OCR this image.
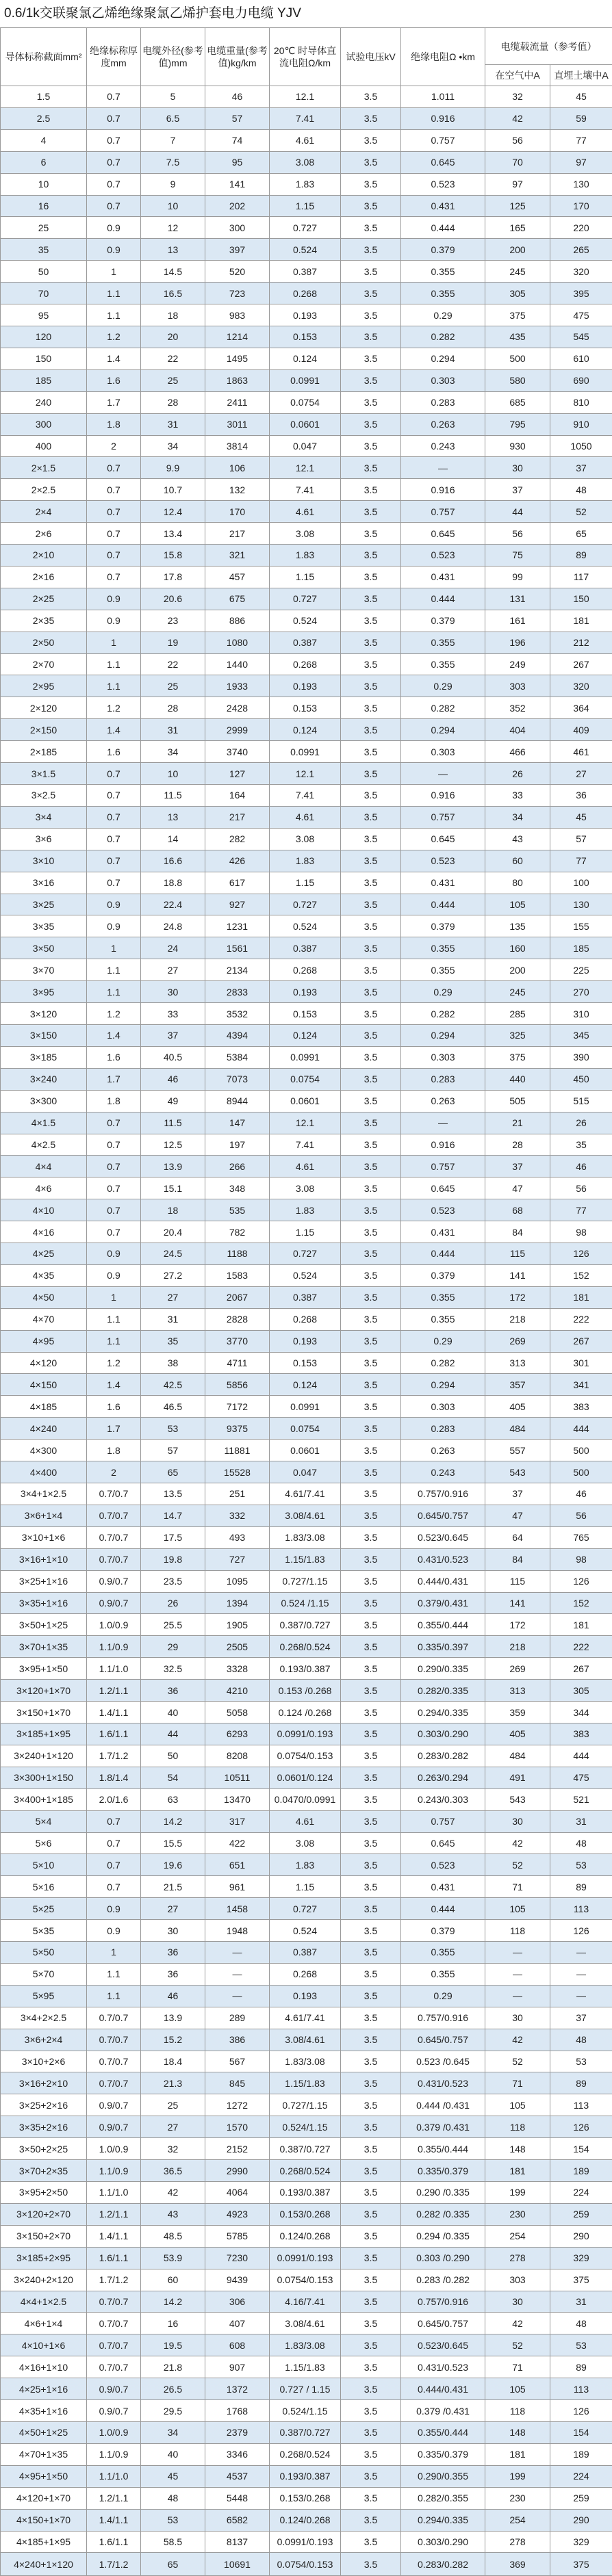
0.6/1k交联聚氯乙烯绝缘聚氯乙烯护套电力电缆 YJV
导体标称截面mm²	绝缘标称厚度mm	电缆外径(参考值)mm	电缆重量(参考值)kg/km	20℃ 时导体直流电阻Ω/km	试验电压kV	绝缘电阻Ω •km	电缆载流量（参考值）	
							在空气中A	直埋土壤中A
1.5	0.7	5	46	12.1	3.5	1.011	32	45
2.5	0.7	6.5	57	7.41	3.5	0.916	42	59
4	0.7	7	74	4.61	3.5	0.757	56	77
6	0.7	7.5	95	3.08	3.5	0.645	70	97
10	0.7	9	141	1.83	3.5	0.523	97	130
16	0.7	10	202	1.15	3.5	0.431	125	170
25	0.9	12	300	0.727	3.5	0.444	165	220
35	0.9	13	397	0.524	3.5	0.379	200	265
50	1	14.5	520	0.387	3.5	0.355	245	320
70	1.1	16.5	723	0.268	3.5	0.355	305	395
95	1.1	18	983	0.193	3.5	0.29	375	475
120	1.2	20	1214	0.153	3.5	0.282	435	545
150	1.4	22	1495	0.124	3.5	0.294	500	610
185	1.6	25	1863	0.0991	3.5	0.303	580	690
240	1.7	28	2411	0.0754	3.5	0.283	685	810
300	1.8	31	3011	0.0601	3.5	0.263	795	910
400	2	34	3814	0.047	3.5	0.243	930	1050
2×1.5	0.7	9.9	106	12.1	3.5	—	30	37
2×2.5	0.7	10.7	132	7.41	3.5	0.916	37	48
2×4	0.7	12.4	170	4.61	3.5	0.757	44	52
2×6	0.7	13.4	217	3.08	3.5	0.645	56	65
2×10	0.7	15.8	321	1.83	3.5	0.523	75	89
2×16	0.7	17.8	457	1.15	3.5	0.431	99	117
2×25	0.9	20.6	675	0.727	3.5	0.444	131	150
2×35	0.9	23	886	0.524	3.5	0.379	161	181
2×50	1	19	1080	0.387	3.5	0.355	196	212
2×70	1.1	22	1440	0.268	3.5	0.355	249	267
2×95	1.1	25	1933	0.193	3.5	0.29	303	320
2×120	1.2	28	2428	0.153	3.5	0.282	352	364
2×150	1.4	31	2999	0.124	3.5	0.294	404	409
2×185	1.6	34	3740	0.0991	3.5	0.303	466	461
3×1.5	0.7	10	127	12.1	3.5	—	26	27
3×2.5	0.7	11.5	164	7.41	3.5	0.916	33	36
3×4	0.7	13	217	4.61	3.5	0.757	34	45
3×6	0.7	14	282	3.08	3.5	0.645	43	57
3×10	0.7	16.6	426	1.83	3.5	0.523	60	77
3×16	0.7	18.8	617	1.15	3.5	0.431	80	100
3×25	0.9	22.4	927	0.727	3.5	0.444	105	130
3×35	0.9	24.8	1231	0.524	3.5	0.379	135	155
3×50	1	24	1561	0.387	3.5	0.355	160	185
3×70	1.1	27	2134	0.268	3.5	0.355	200	225
3×95	1.1	30	2833	0.193	3.5	0.29	245	270
3×120	1.2	33	3532	0.153	3.5	0.282	285	310
3×150	1.4	37	4394	0.124	3.5	0.294	325	345
3×185	1.6	40.5	5384	0.0991	3.5	0.303	375	390
3×240	1.7	46	7073	0.0754	3.5	0.283	440	450
3×300	1.8	49	8944	0.0601	3.5	0.263	505	515
4×1.5	0.7	11.5	147	12.1	3.5	—	21	26
4×2.5	0.7	12.5	197	7.41	3.5	0.916	28	35
4×4	0.7	13.9	266	4.61	3.5	0.757	37	46
4×6	0.7	15.1	348	3.08	3.5	0.645	47	56
4×10	0.7	18	535	1.83	3.5	0.523	68	77
4×16	0.7	20.4	782	1.15	3.5	0.431	84	98
4×25	0.9	24.5	1188	0.727	3.5	0.444	115	126
4×35	0.9	27.2	1583	0.524	3.5	0.379	141	152
4×50	1	27	2067	0.387	3.5	0.355	172	181
4×70	1.1	31	2828	0.268	3.5	0.355	218	222
4×95	1.1	35	3770	0.193	3.5	0.29	269	267
4×120	1.2	38	4711	0.153	3.5	0.282	313	301
4×150	1.4	42.5	5856	0.124	3.5	0.294	357	341
4×185	1.6	46.5	7172	0.0991	3.5	0.303	405	383
4×240	1.7	53	9375	0.0754	3.5	0.283	484	444
4×300	1.8	57	11881	0.0601	3.5	0.263	557	500
4×400	2	65	15528	0.047	3.5	0.243	543	500
3×4+1×2.5	0.7/0.7	13.5	251	4.61/7.41	3.5	0.757/0.916	37	46
3×6+1×4	0.7/0.7	14.7	332	3.08/4.61	3.5	0.645/0.757	47	56
3×10+1×6	0.7/0.7	17.5	493	1.83/3.08	3.5	0.523/0.645	64	765
3×16+1×10	0.7/0.7	19.8	727	1.15/1.83	3.5	0.431/0.523	84	98
3×25+1×16	0.9/0.7	23.5	1095	0.727/1.15	3.5	0.444/0.431	115	126
3×35+1×16	0.9/0.7	26	1394	0.524 /1.15	3.5	0.379/0.431	141	152
3×50+1×25	1.0/0.9	25.5	1905	0.387/0.727	3.5	0.355/0.444	172	181
3×70+1×35	1.1/0.9	29	2505	0.268/0.524	3.5	0.335/0.397	218	222
3×95+1×50	1.1/1.0	32.5	3328	0.193/0.387	3.5	0.290/0.335	269	267
3×120+1×70	1.2/1.1	36	4210	0.153 /0.268	3.5	0.282/0.335	313	305
3×150+1×70	1.4/1.1	40	5058	0.124 /0.268	3.5	0.294/0.335	359	344
3×185+1×95	1.6/1.1	44	6293	0.0991/0.193	3.5	0.303/0.290	405	383
3×240+1×120	1.7/1.2	50	8208	0.0754/0.153	3.5	0.283/0.282	484	444
3×300+1×150	1.8/1.4	54	10511	0.0601/0.124	3.5	0.263/0.294	491	475
3×400+1×185	2.0/1.6	63	13470	0.0470/0.0991	3.5	0.243/0.303	543	521
5×4	0.7	14.2	317	4.61	3.5	0.757	30	31
5×6	0.7	15.5	422	3.08	3.5	0.645	42	48
5×10	0.7	19.6	651	1.83	3.5	0.523	52	53
5×16	0.7	21.5	961	1.15	3.5	0.431	71	89
5×25	0.9	27	1458	0.727	3.5	0.444	105	113
5×35	0.9	30	1948	0.524	3.5	0.379	118	126
5×50	1	36	—	0.387	3.5	0.355	—	—
5×70	1.1	36	—	0.268	3.5	0.355	—	—
5×95	1.1	46	—	0.193	3.5	0.29	—	—
3×4+2×2.5	0.7/0.7	13.9	289	4.61/7.41	3.5	0.757/0.916	30	37
3×6+2×4	0.7/0.7	15.2	386	3.08/4.61	3.5	0.645/0.757	42	48
3×10+2×6	0.7/0.7	18.4	567	1.83/3.08	3.5	0.523 /0.645	52	53
3×16+2×10	0.7/0.7	21.3	845	1.15/1.83	3.5	0.431/0.523	71	89
3×25+2×16	0.9/0.7	25	1272	0.727/1.15	3.5	0.444 /0.431	105	113
3×35+2×16	0.9/0.7	27	1570	0.524/1.15	3.5	0.379 /0.431	118	126
3×50+2×25	1.0/0.9	32	2152	0.387/0.727	3.5	0.355/0.444	148	154
3×70+2×35	1.1/0.9	36.5	2990	0.268/0.524	3.5	0.335/0.379	181	189
3×95+2×50	1.1/1.0	42	4064	0.193/0.387	3.5	0.290 /0.335	199	224
3×120+2×70	1.2/1.1	43	4923	0.153/0.268	3.5	0.282 /0.335	230	259
3×150+2×70	1.4/1.1	48.5	5785	0.124/0.268	3.5	0.294 /0.335	254	290
3×185+2×95	1.6/1.1	53.9	7230	0.0991/0.193	3.5	0.303 /0.290	278	329
3×240+2×120	1.7/1.2	60	9439	0.0754/0.153	3.5	0.283 /0.282	303	375
4×4+1×2.5	0.7/0.7	14.2	306	4.16/7.41	3.5	0.757/0.916	30	31
4×6+1×4	0.7/0.7	16	407	3.08/4.61	3.5	0.645/0.757	42	48
4×10+1×6	0.7/0.7	19.5	608	1.83/3.08	3.5	0.523/0.645	52	53
4×16+1×10	0.7/0.7	21.8	907	1.15/1.83	3.5	0.431/0.523	71	89
4×25+1×16	0.9/0.7	26.5	1372	0.727 / 1.15	3.5	0.444/0.431	105	113
4×35+1×16	0.9/0.7	29.5	1768	0.524/1.15	3.5	0.379 /0.431	118	126
4×50+1×25	1.0/0.9	34	2379	0.387/0.727	3.5	0.355/0.444	148	154
4×70+1×35	1.1/0.9	40	3346	0.268/0.524	3.5	0.335/0.379	181	189
4×95+1×50	1.1/1.0	45	4537	0.193/0.387	3.5	0.290/0.355	199	224
4×120+1×70	1.2/1.1	48	5448	0.153/0.268	3.5	0.282/0.355	230	259
4×150+1×70	1.4/1.1	53	6582	0.124/0.268	3.5	0.294/0.335	254	290
4×185+1×95	1.6/1.1	58.5	8137	0.0991/0.193	3.5	0.303/0.290	278	329
4×240+1×120	1.7/1.2	65	10691	0.0754/0.153	3.5	0.283/0.282	369	375
